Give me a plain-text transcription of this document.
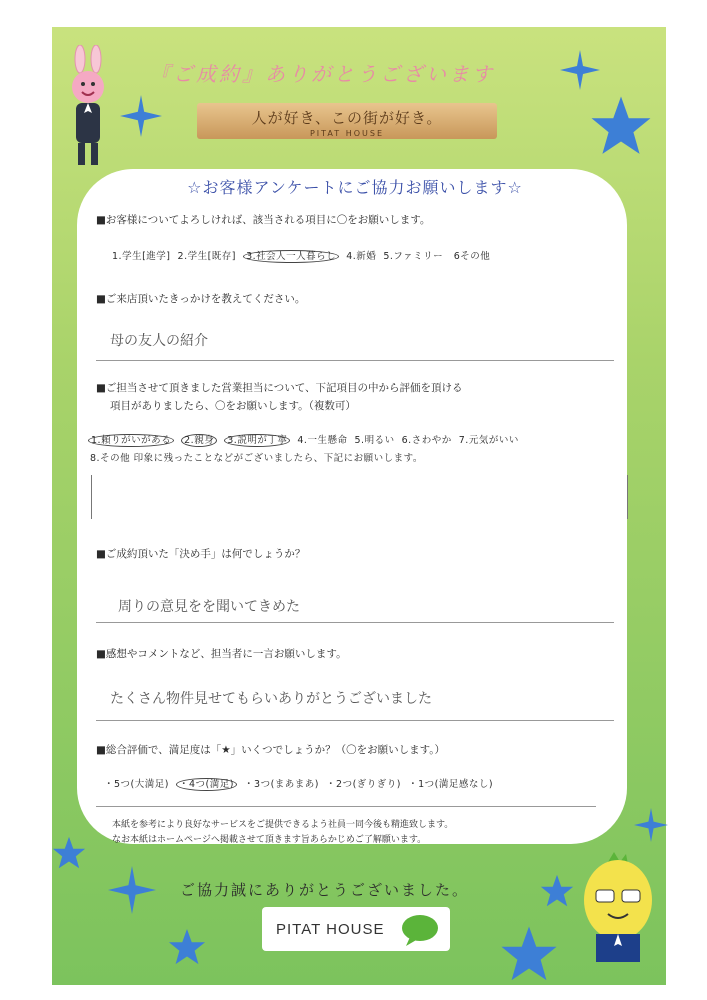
『ご成約』ありがとうございます
人が好き、この街が好き。
PITAT HOUSE
☆お客様アンケートにご協力お願いします☆
■お客様についてよろしければ、該当される項目に〇をお願いします。
1.学生[進学] 2.学生[既存] 3.社会人一人暮らし 4.新婚 5.ファミリー 6その他
■ご来店頂いたきっかけを教えてください。
母の友人の紹介
■ご担当させて頂きました営業担当について、下記項目の中から評価を頂ける
項目がありましたら、〇をお願いします。（複数可）
1.頼りがいがある 2.親身 3.説明が丁寧 4.一生懸命 5.明るい 6.さわやか 7.元気がいい
8.その他 印象に残ったことなどがございましたら、下記にお願いします。
■ご成約頂いた「決め手」は何でしょうか？
周りの意見をを聞いてきめた
■感想やコメントなど、担当者に一言お願いします。
たくさん物件見せてもらいありがとうございました
■総合評価で、満足度は「★」いくつでしょうか？（〇をお願いします。）
・5つ(大満足) ・4つ(満足) ・3つ(まあまあ) ・2つ(ぎりぎり) ・1つ(満足感なし)
本紙を参考により良好なサービスをご提供できるよう社員一同今後も精進致します。
なお本紙はホームページへ掲載させて頂きます旨あらかじめご了解願います。
ご協力誠にありがとうございました。
PITAT HOUSE
